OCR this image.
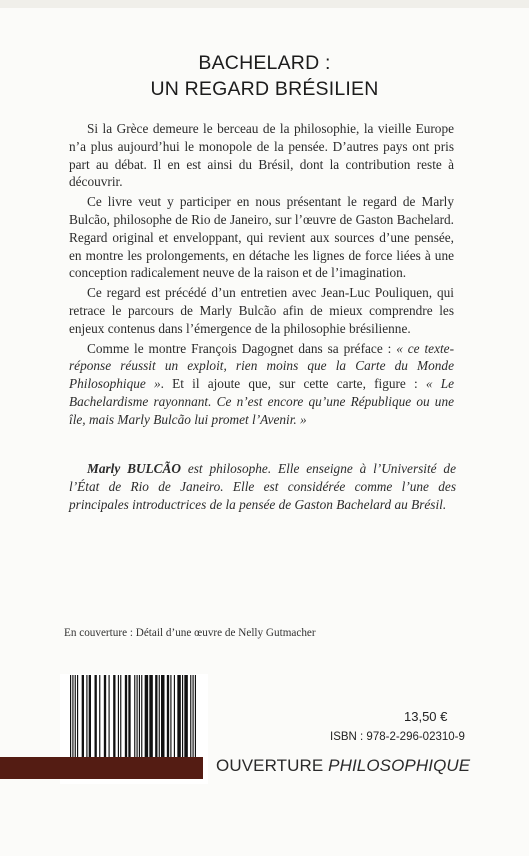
BACHELARD :
UN REGARD BRÉSILIEN

Si la Grèce demeure le berceau de la philosophie, la vieille Europe n’a plus aujourd’hui le monopole de la pensée. D’autres pays ont pris part au débat. Il en est ainsi du Brésil, dont la contribution reste à découvrir.

Ce livre veut y participer en nous présentant le regard de Marly Bulcão, philosophe de Rio de Janeiro, sur l’œuvre de Gaston Bachelard. Regard original et enveloppant, qui revient aux sources d’une pensée, en montre les prolongements, en détache les lignes de force liées à une conception radicalement neuve de la raison et de l’imagination.

Ce regard est précédé d’un entretien avec Jean-Luc Pouliquen, qui retrace le parcours de Marly Bulcão afin de mieux comprendre les enjeux contenus dans l’émergence de la philosophie brésilienne.

Comme le montre François Dagognet dans sa préface : « ce texte-réponse réussit un exploit, rien moins que la Carte du Monde Philosophique ». Et il ajoute que, sur cette carte, figure : « Le Bachelardisme rayonnant. Ce n’est encore qu’une République ou une île, mais Marly Bulcão lui promet l’Avenir. »

Marly BULCÃO est philosophe. Elle enseigne à l’Université de l’État de Rio de Janeiro. Elle est considérée comme l’une des principales introductrices de la pensée de Gaston Bachelard au Brésil.

En couverture : Détail d’une œuvre de Nelly Gutmacher
13,50 €
ISBN : 978-2-296-02310-9
OUVERTURE PHILOSOPHIQUE
